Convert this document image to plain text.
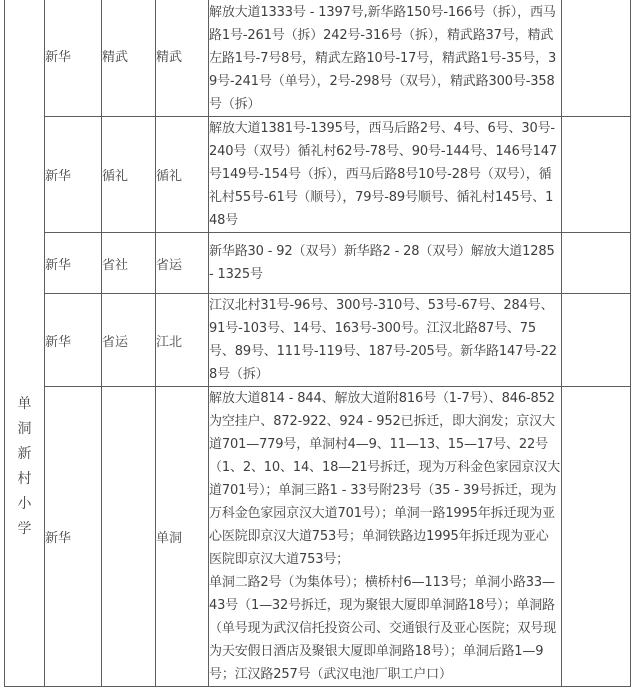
单
洞
新
村
小
学
	新华	精武	精武	解放大道1333号 - 1397号,新华路150号-166号（拆），西马路1号-261号（拆）242号-316号（拆），精武路37号，精武左路1号-7号8号，精武左路10号-17号，精武路1号-35号，39号-241号（单号），2号-298号（双号），精武路300号-358号（拆）	
	新华	循礼	循礼	解放大道1381号-1395号，西马后路2号、4号、6号、30号-240号（双号）循礼村62号-78号、90号-144号、146号147号149号-154号（拆），西马后路8号10号-28号（双号），循礼村55号-61号（顺号），79号-89号顺号、循礼村145号、148号	
	新华	省社	省运	新华路30 - 92（双号）新华路2 - 28（双号）解放大道1285 - 1325号	
	新华	省运	江北	江汉北村31号-96号、300号-310号、53号-67号、284号、91号-103号、14号、163号-300号。江汉北路87号、75号、89号、111号-119号、187号-205号。新华路147号-228号（拆）	
	新华		单洞	解放大道814 - 844、解放大道附816号（1-7号）、846-852为空挂户、872-922、924 - 952已拆迁，即大润发；京汉大道701—779号，单洞村4—9、11—13、15—17号、22号（1、2、10、14、18—21号拆迁，现为万科金色家园京汉大道701号）；单洞三路1 - 33号附23号（35 - 39号拆迁，现为万科金色家园京汉大道701号）；单洞一路1995年拆迁现为亚心医院即京汉大道753号；单洞铁路边1995年拆迁现为亚心医院即京汉大道753号；
单洞二路2号（为集体号）；横桥村6—113号；单洞小路33—43号（1—32号拆迁，现为聚银大厦即单洞路18号）；单洞路（单号现为武汉信托投资公司、交通银行及亚心医院；双号现为天安假日酒店及聚银大厦即单洞路18号）；单洞后路1—9号；江汉路257号（武汉电池厂职工户口）	
